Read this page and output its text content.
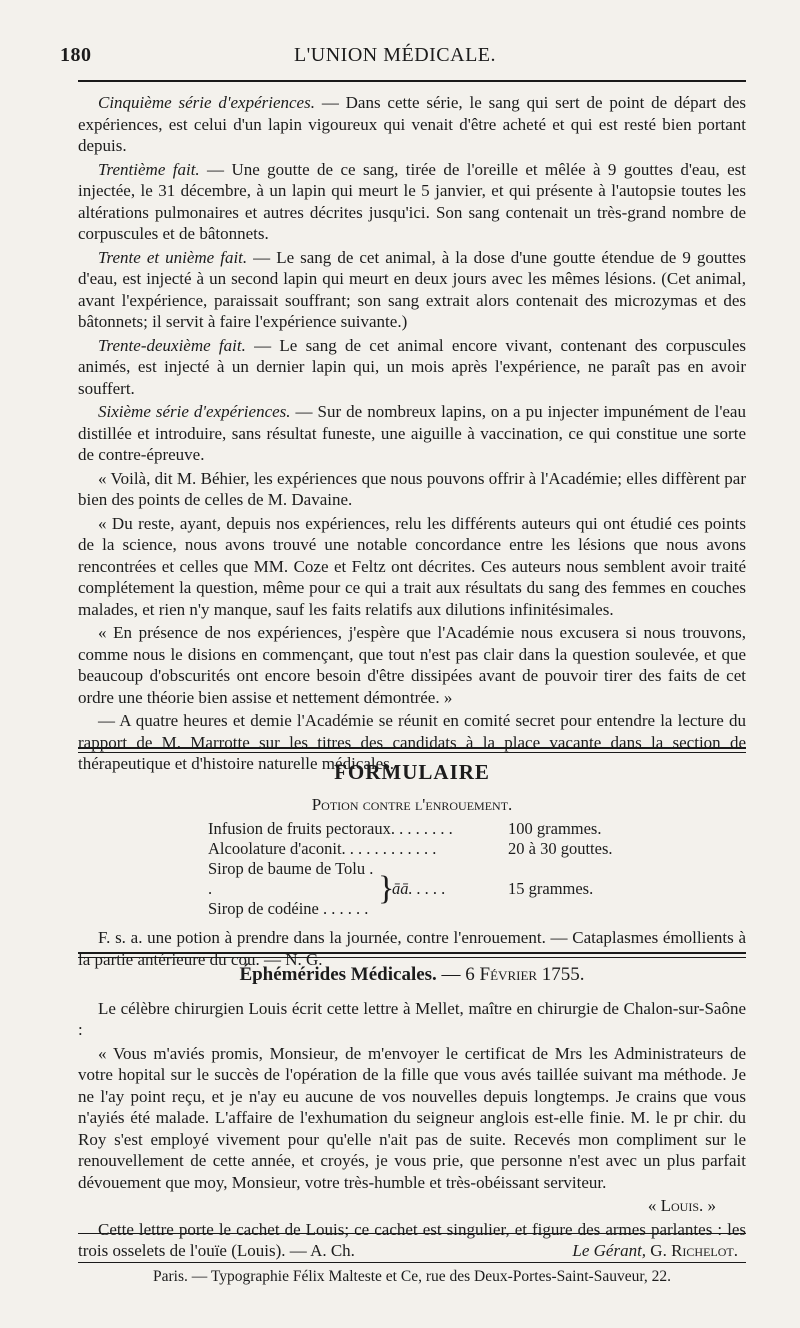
180	L'UNION MÉDICALE.

Cinquième série d'expériences. — Dans cette série, le sang qui sert de point de départ des expériences, est celui d'un lapin vigoureux qui venait d'être acheté et qui est resté bien portant depuis.

Trentième fait. — Une goutte de ce sang, tirée de l'oreille et mêlée à 9 gouttes d'eau, est injectée, le 31 décembre, à un lapin qui meurt le 5 janvier, et qui présente à l'autopsie toutes les altérations pulmonaires et autres décrites jusqu'ici. Son sang contenait un très-grand nombre de corpuscules et de bâtonnets.

Trente et unième fait. — Le sang de cet animal, à la dose d'une goutte étendue de 9 gouttes d'eau, est injecté à un second lapin qui meurt en deux jours avec les mêmes lésions. (Cet animal, avant l'expérience, paraissait souffrant; son sang extrait alors contenait des microzymas et des bâtonnets; il servit à faire l'expérience suivante.)

Trente-deuxième fait. — Le sang de cet animal encore vivant, contenant des corpuscules animés, est injecté à un dernier lapin qui, un mois après l'expérience, ne paraît pas en avoir souffert.

Sixième série d'expériences. — Sur de nombreux lapins, on a pu injecter impunément de l'eau distillée et introduire, sans résultat funeste, une aiguille à vaccination, ce qui constitue une sorte de contre-épreuve.

« Voilà, dit M. Béhier, les expériences que nous pouvons offrir à l'Académie; elles diffèrent par bien des points de celles de M. Davaine.

« Du reste, ayant, depuis nos expériences, relu les différents auteurs qui ont étudié ces points de la science, nous avons trouvé une notable concordance entre les lésions que nous avons rencontrées et celles que MM. Coze et Feltz ont décrites. Ces auteurs nous semblent avoir traité complétement la question, même pour ce qui a trait aux résultats du sang des femmes en couches malades, et rien n'y manque, sauf les faits relatifs aux dilutions infinitésimales.

« En présence de nos expériences, j'espère que l'Académie nous excusera si nous trouvons, comme nous le disions en commençant, que tout n'est pas clair dans la question soulevée, et que beaucoup d'obscurités ont encore besoin d'être dissipées avant de pouvoir tirer des faits de cet ordre une théorie bien assise et nettement démontrée. »

— A quatre heures et demie l'Académie se réunit en comité secret pour entendre la lecture du rapport de M. Marrotte sur les titres des candidats à la place vacante dans la section de thérapeutique et d'histoire naturelle médicales.

FORMULAIRE

Potion contre l'enrouement.

Infusion de fruits pectoraux. . . . . . . .	100 grammes.
Alcoolature d'aconit. . . . . . . . . . . .	20 à 30 gouttes.
Sirop de baume de Tolu . .
Sirop de codéine . . . . . .
}
āā. . . . .	15 grammes.

F. s. a. une potion à prendre dans la journée, contre l'enrouement. — Cataplasmes émollients à la partie antérieure du cou. — N. G.

Éphémérides Médicales. — 6 Février 1755.

Le célèbre chirurgien Louis écrit cette lettre à Mellet, maître en chirurgie de Chalon-sur-Saône :

« Vous m'aviés promis, Monsieur, de m'envoyer le certificat de Mrs les Administrateurs de votre hopital sur le succès de l'opération de la fille que vous avés taillée suivant ma méthode. Je ne l'ay point reçu, et je n'ay eu aucune de vos nouvelles depuis longtemps. Je crains que vous n'ayiés été malade. L'affaire de l'exhumation du seigneur anglois est-elle finie. M. le pr chir. du Roy s'est employé vivement pour qu'elle n'ait pas de suite. Recevés mon compliment sur le renouvellement de cette année, et croyés, je vous prie, que personne n'est avec un plus parfait dévouement que moy, Monsieur, votre très-humble et très-obéissant serviteur.

« Louis. »

Cette lettre porte le cachet de Louis; ce cachet est singulier, et figure des armes parlantes : les trois osselets de l'ouïe (Louis). — A. Ch.	Le Gérant, G. Richelot.

Paris. — Typographie Félix Malteste et Ce, rue des Deux-Portes-Saint-Sauveur, 22.
